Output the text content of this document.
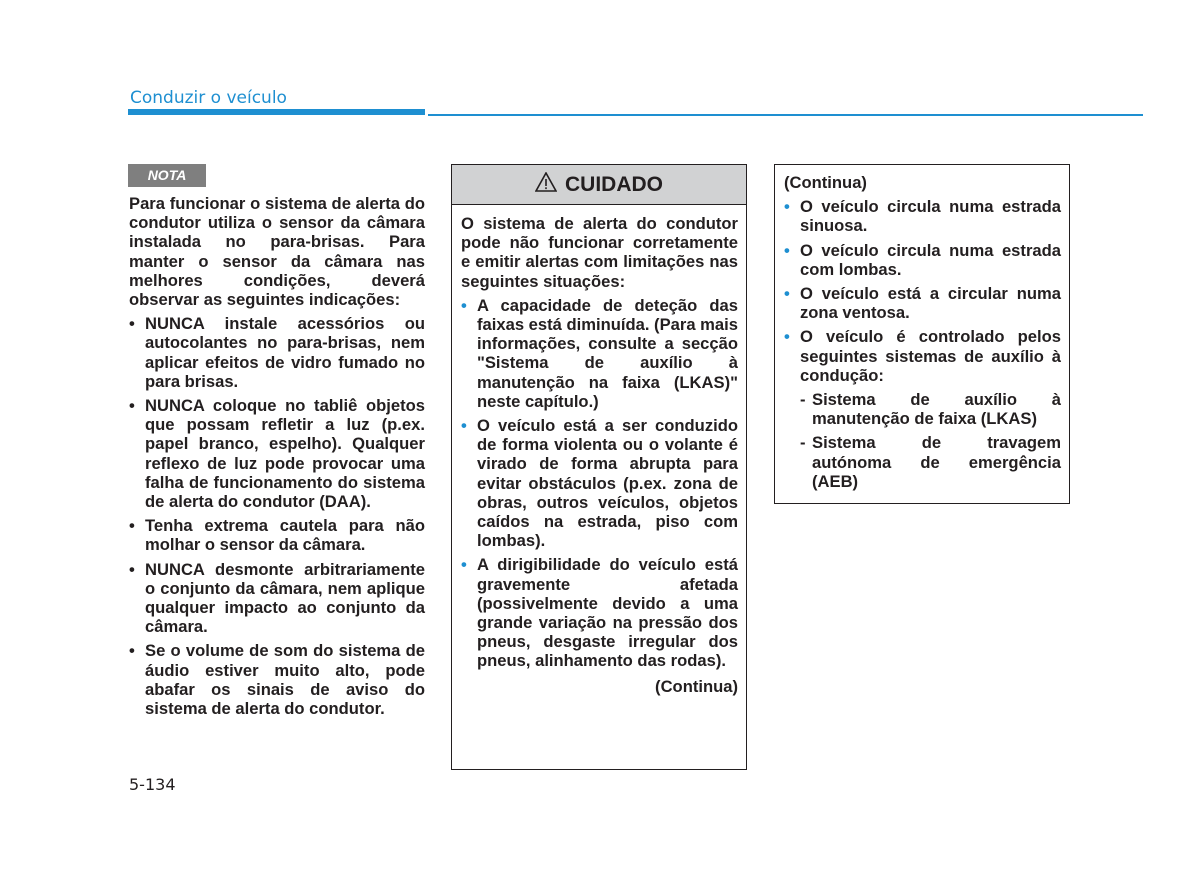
Conduzir o veículo
NOTA

Para funcionar o sistema de alerta do condutor utiliza o sensor da câmara instalada no para-brisas. Para manter o sensor da câmara nas melhores condições, deverá observar as seguintes indicações:

• NUNCA instale acessórios ou autocolantes no para-brisas, nem aplicar efeitos de vidro fumado no para brisas.
• NUNCA coloque no tabliê objetos que possam refletir a luz (p.ex. papel branco, espelho). Qualquer reflexo de luz pode provocar uma falha de funcionamento do sistema de alerta do condutor (DAA).
• Tenha extrema cautela para não molhar o sensor da câmara.
• NUNCA desmonte arbitrariamente o conjunto da câmara, nem aplique qualquer impacto ao conjunto da câmara.
• Se o volume de som do sistema de áudio estiver muito alto, pode abafar os sinais de aviso do sistema de alerta do condutor.
CUIDADO

O sistema de alerta do condutor pode não funcionar corretamente e emitir alertas com limitações nas seguintes situações:

• A capacidade de deteção das faixas está diminuída. (Para mais informações, consulte a secção "Sistema de auxílio à manutenção na faixa (LKAS)" neste capítulo.)
• O veículo está a ser conduzido de forma violenta ou o volante é virado de forma abrupta para evitar obstáculos (p.ex. zona de obras, outros veículos, objetos caídos na estrada, piso com lombas).
• A dirigibilidade do veículo está gravemente afetada (possivelmente devido a uma grande variação na pressão dos pneus, desgaste irregular dos pneus, alinhamento das rodas).

(Continua)

(Continua)

• O veículo circula numa estrada sinuosa.
• O veículo circula numa estrada com lombas.
• O veículo está a circular numa zona ventosa.
• O veículo é controlado pelos seguintes sistemas de auxílio à condução:
- Sistema de auxílio à manutenção de faixa (LKAS)
- Sistema de travagem autónoma de emergência (AEB)
5-134
